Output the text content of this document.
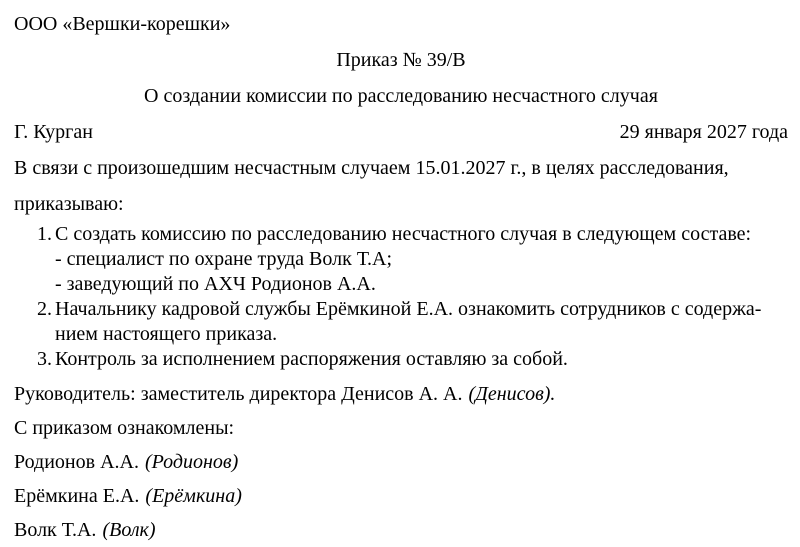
ООО «Вершки-корешки»

Приказ № 39/В

О создании комиссии по расследованию несчастного случая

Г. Курган	29 января 2027 года

В связи с произошедшим несчастным случаем 15.01.2027 г., в целях расследования,

приказываю:

1. С создать комиссию по расследованию несчастного случая в следующем составе:
- специалист по охране труда Волк Т.А;
- заведующий по АХЧ Родионов А.А.
2. Начальнику кадровой службы Ерёмкиной Е.А. ознакомить сотрудников с содержа-
нием настоящего приказа.
3. Контроль за исполнением распоряжения оставляю за собой.

Руководитель: заместитель директора Денисов А. А. (Денисов).

С приказом ознакомлены:

Родионов А.А. (Родионов)

Ерёмкина Е.А. (Ерёмкина)

Волк Т.А. (Волк)
